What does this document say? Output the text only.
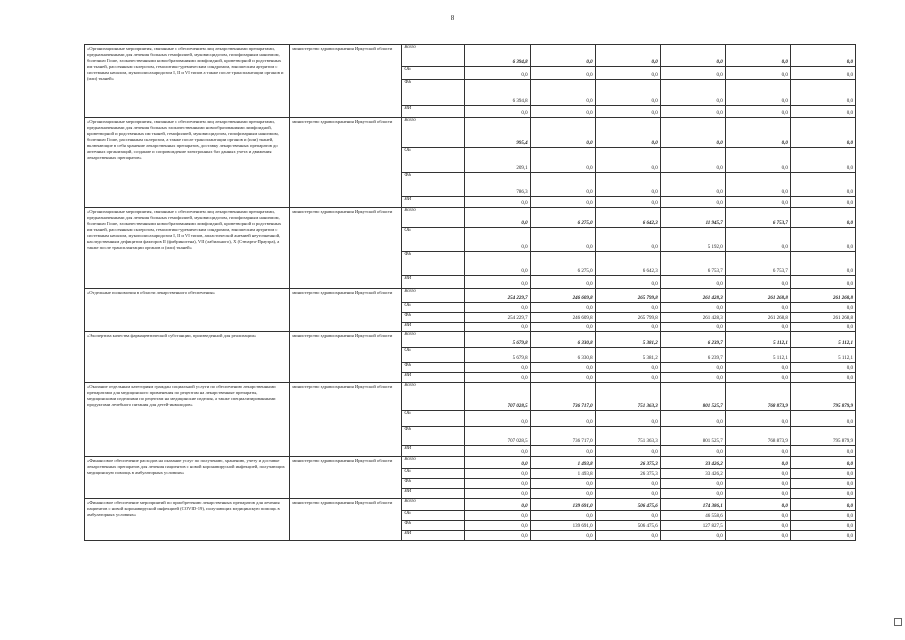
8
«Организационные мероприятия, связанные с обеспечением лиц лекарственными препаратами, предназначенными для лечения больных гемофилией, муковисцидозом, гипофизарным нанизмом, болезнью Гоше, злокачественными новообразованиями лимфоидной, кроветворной и родственных им тканей, рассеянным склерозом, гемолитико-уремическим синдромом, юношеским артритом с системным началом, мукополисахаридозом I, II и VI типов а также после трансплантации органов и (или) тканей»	министерство здравоохранения Иркутской области	Всего	6 394,8	0,0	0,0	0,0	0,0	0,0
		ОБ	0,0	0,0	0,0	0,0	0,0	0,0
		ФБ	6 394,8	0,0	0,0	0,0	0,0	0,0
		ИИ	0,0	0,0	0,0	0,0	0,0	0,0
«Организационные мероприятия, связанные с обеспечением лиц лекарственными препаратами, предназначенными для лечения больных злокачественными новообразованиями лимфоидной, кроветворной и родственных им тканей, гемофилией, муковисцидозом, гипофизарным нанизмом, болезнью Гоше, рассеянным склерозом, а также после трансплантации органов и (или) тканей, включающие в себя хранение лекарственных препаратов, доставку лекарственных препаратов до аптечных организаций, создание и сопровождение электронных баз данных учета и движения лекарственных препаратов»	министерство здравоохранения Иркутской области	Всего	995,4	0,0	0,0	0,0	0,0	0,0
		ОБ	209,1	0,0	0,0	0,0	0,0	0,0
		ФБ	786,3	0,0	0,0	0,0	0,0	0,0
		ИИ	0,0	0,0	0,0	0,0	0,0	0,0
«Организационные мероприятия, связанные с обеспечением лиц лекарственными препаратами, предназначенными для лечения больных гемофилией, муковисцидозом, гипофизарным нанизмом, болезнью Гоше, злокачественными новообразованиями лимфоидной, кроветворной и родственных им тканей, рассеянным склерозом, гемолитико-уремическим синдромом, юношеским артритом с системным началом, мукополисахаридозом I, II и VI типов, апластической анемией неуточненной, наследственным дефицитом факторов II (фибриногена), VII (лабильного), X (Стюарта-Прауэра), а также после трансплантации органов и (или) тканей»	министерство здравоохранения Иркутской области	Всего	0,0	6 275,0	6 642,3	11 945,7	6 753,7	0,0
		ОБ	0,0	0,0	0,0	5 192,0	0,0	0,0
		ФБ	0,0	6 275,0	6 642,3	6 753,7	6 753,7	0,0
		ИИ	0,0	0,0	0,0	0,0	0,0	0,0
«Отдельные полномочия в области лекарственного обеспечения»	министерство здравоохранения Иркутской области	Всего	254 229,7	246 609,8	265 799,8	261 428,3	261 268,8	261 268,8
		ОБ	0,0	0,0	0,0	0,0	0,0	0,0
		ФБ	254 229,7	246 609,8	265 799,8	261 428,3	261 268,8	261 268,8
		ИИ	0,0	0,0	0,0	0,0	0,0	0,0
«Экспертиза качества фармацевтической субстанции, произведенной для реализации»	министерство здравоохранения Иркутской области	Всего	5 679,8	6 330,8	5 381,2	6 239,7	5 112,1	5 112,1
		ОБ	5 679,8	6 330,8	5 381,2	6 239,7	5 112,1	5 112,1
		ФБ	0,0	0,0	0,0	0,0	0,0	0,0
		ИИ	0,0	0,0	0,0	0,0	0,0	0,0
«Оказание отдельным категориям граждан социальной услуги по обеспечению лекарственными препаратами для медицинского применения по рецептам на лекарственные препараты, медицинскими изделиями по рецептам на медицинские изделия, а также специализированными продуктами лечебного питания для детей-инвалидов»	министерство здравоохранения Иркутской области	Всего	707 028,5	736 717,0	751 363,3	801 525,7	768 873,9	795 879,9
		ОБ	0,0	0,0	0,0	0,0	0,0	0,0
		ФБ	707 028,5	736 717,0	751 363,3	801 525,7	768 873,9	795 879,9
		ИИ	0,0	0,0	0,0	0,0	0,0	0,0
«Финансовое обеспечение расходов на оказание услуг по получению, хранению, учету и доставке лекарственных препаратов для лечения пациентов с новой коронавирусной инфекцией, получающих медицинскую помощь в амбулаторных условиях»	министерство здравоохранения Иркутской области	Всего	0,0	1 493,8	26 375,3	33 426,2	0,0	0,0
		ОБ	0,0	1 493,8	26 375,3	33 426,2	0,0	0,0
		ФБ	0,0	0,0	0,0	0,0	0,0	0,0
		ИИ	0,0	0,0	0,0	0,0	0,0	0,0
«Финансовое обеспечение мероприятий по приобретению лекарственных препаратов для лечения пациентов с новой коронавирусной инфекцией (COVID-19), получающих медицинскую помощь в амбулаторных условиях»	министерство здравоохранения Иркутской области	Всего	0,0	139 691,0	506 475,6	174 386,1	0,0	0,0
		ОБ	0,0	0,0	0,0	46 558,6	0,0	0,0
		ФБ	0,0	139 691,0	506 475,6	127 827,5	0,0	0,0
		ИИ	0,0	0,0	0,0	0,0	0,0	0,0
